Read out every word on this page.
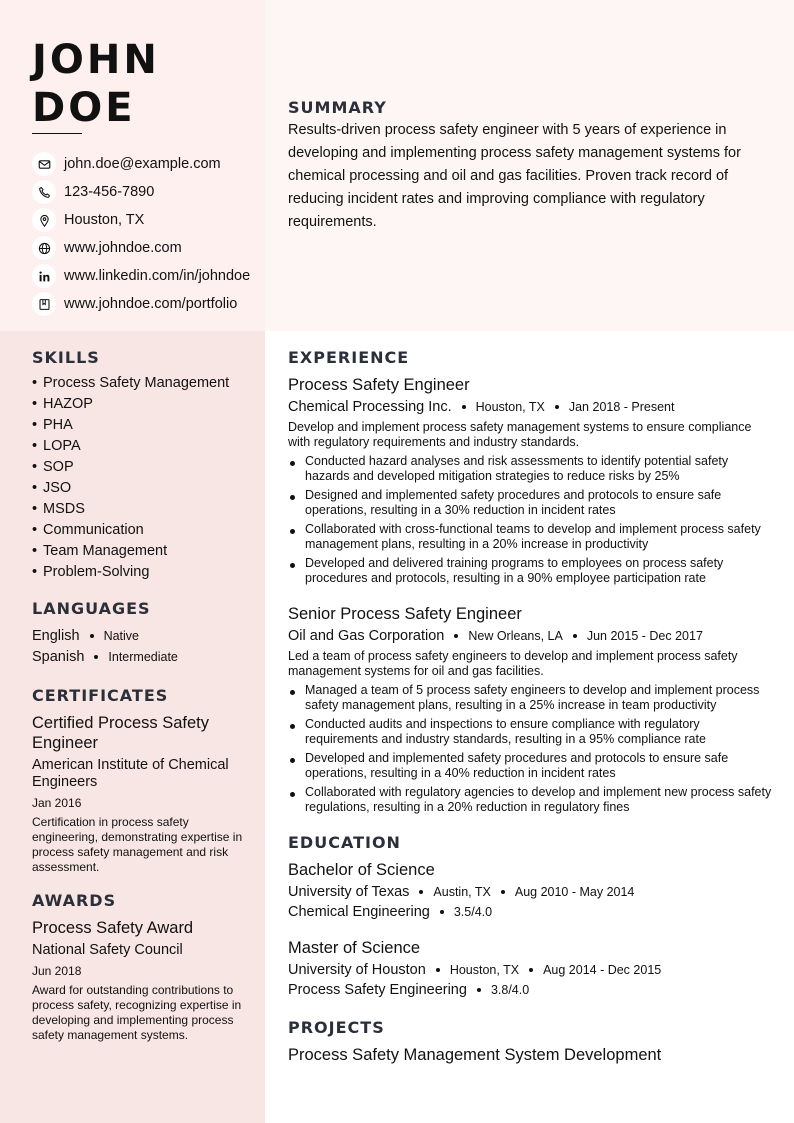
JOHN
DOE
john.doe@example.com
123-456-7890
Houston, TX
www.johndoe.com
www.linkedin.com/in/johndoe
www.johndoe.com/portfolio
SUMMARY
Results-driven process safety engineer with 5 years of experience in developing and implementing process safety management systems for chemical processing and oil and gas facilities. Proven track record of reducing incident rates and improving compliance with regulatory requirements.
SKILLS
• Process Safety Management
• HAZOP
• PHA
• LOPA
• SOP
• JSO
• MSDS
• Communication
• Team Management
• Problem-Solving
LANGUAGES
English Native
Spanish Intermediate
CERTIFICATES
Certified Process Safety Engineer
American Institute of Chemical Engineers
Jan 2016
Certification in process safety engineering, demonstrating expertise in process safety management and risk assessment.
AWARDS
Process Safety Award
National Safety Council
Jun 2018
Award for outstanding contributions to process safety, recognizing expertise in developing and implementing process safety management systems.
EXPERIENCE
Process Safety Engineer
Chemical Processing Inc. Houston, TX Jan 2018 - Present
Develop and implement process safety management systems to ensure compliance with regulatory requirements and industry standards.
Conducted hazard analyses and risk assessments to identify potential safety hazards and developed mitigation strategies to reduce risks by 25%
Designed and implemented safety procedures and protocols to ensure safe operations, resulting in a 30% reduction in incident rates
Collaborated with cross-functional teams to develop and implement process safety management plans, resulting in a 20% increase in productivity
Developed and delivered training programs to employees on process safety procedures and protocols, resulting in a 90% employee participation rate
Senior Process Safety Engineer
Oil and Gas Corporation New Orleans, LA Jun 2015 - Dec 2017
Led a team of process safety engineers to develop and implement process safety management systems for oil and gas facilities.
Managed a team of 5 process safety engineers to develop and implement process safety management plans, resulting in a 25% increase in team productivity
Conducted audits and inspections to ensure compliance with regulatory requirements and industry standards, resulting in a 95% compliance rate
Developed and implemented safety procedures and protocols to ensure safe operations, resulting in a 40% reduction in incident rates
Collaborated with regulatory agencies to develop and implement new process safety regulations, resulting in a 20% reduction in regulatory fines
EDUCATION
Bachelor of Science
University of Texas Austin, TX Aug 2010 - May 2014
Chemical Engineering 3.5/4.0
Master of Science
University of Houston Houston, TX Aug 2014 - Dec 2015
Process Safety Engineering 3.8/4.0
PROJECTS
Process Safety Management System Development
